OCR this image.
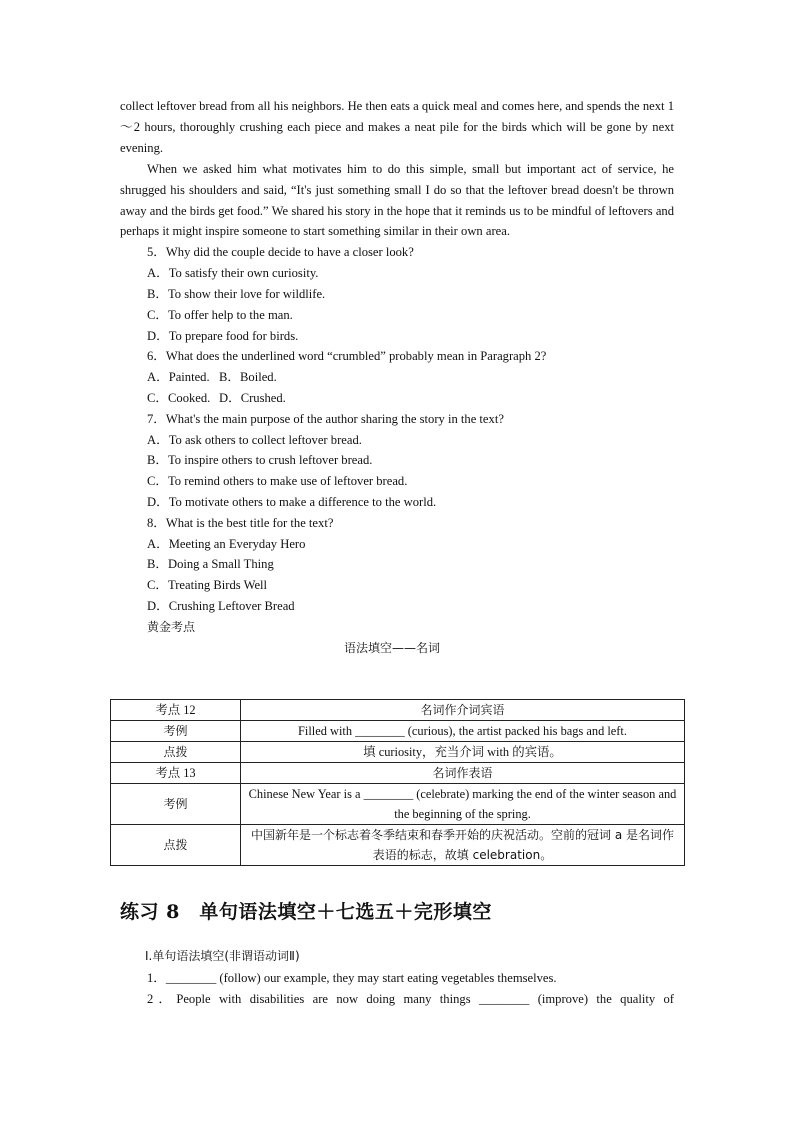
collect leftover bread from all his neighbors. He then eats a quick meal and comes here, and spends the next 1～2 hours, thoroughly crushing each piece and makes a neat pile for the birds which will be gone by next evening.

When we asked him what motivates him to do this simple, small but important act of service, he shrugged his shoulders and said, “It's just something small I do so that the leftover bread doesn't be thrown away and the birds get food.” We shared his story in the hope that it reminds us to be mindful of leftovers and perhaps it might inspire someone to start something similar in their own area.

5．Why did the couple decide to have a closer look?
A．To satisfy their own curiosity.
B．To show their love for wildlife.
C．To offer help to the man.
D．To prepare food for birds.
6．What does the underlined word “crumbled” probably mean in Paragraph 2?
A．Painted. B．Boiled.
C．Cooked. D．Crushed.
7．What's the main purpose of the author sharing the story in the text?
A．To ask others to collect leftover bread.
B．To inspire others to crush leftover bread.
C．To remind others to make use of leftover bread.
D．To motivate others to make a difference to the world.
8．What is the best title for the text?
A．Meeting an Everyday Hero
B．Doing a Small Thing
C．Treating Birds Well
D．Crushing Leftover Bread
黄金考点
语法填空——名词
考点 12	名词作介词宾语
考例	Filled with ________ (curious), the artist packed his bags and left.
点拨	填 curiosity，充当介词 with 的宾语。
考点 13	名词作表语
考例	Chinese New Year is a ________ (celebrate) marking the end of the winter season and the beginning of the spring.
点拨	中国新年是一个标志着冬季结束和春季开始的庆祝活动。空前的冠词 a 是名词作表语的标志，故填 celebration。
练习 8　单句语法填空＋七选五＋完形填空
Ⅰ.单句语法填空(非谓语动词Ⅱ)
1．________ (follow) our example, they may start eating vegetables themselves.
2．People with disabilities are now doing many things ________ (improve) the quality of
